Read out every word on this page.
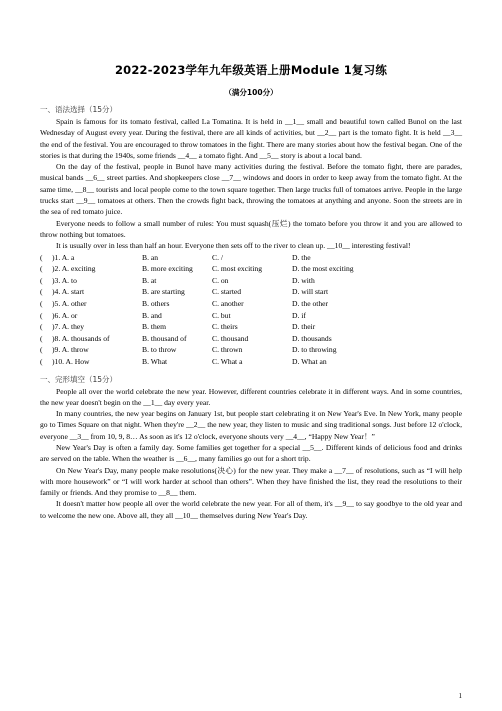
2022-2023学年九年级英语上册Module 1复习练
（满分100分）
一、语法选择（15分）

Spain is famous for its tomato festival, called La Tomatina. It is held in __1__ small and beautiful town called Bunol on the last Wednesday of August every year. During the festival, there are all kinds of activities, but __2__ part is the tomato fight. It is held __3__ the end of the festival. You are encouraged to throw tomatoes in the fight. There are many stories about how the festival began. One of the stories is that during the 1940s, some friends __4__ a tomato fight. And __5__ story is about a local band.

On the day of the festival, people in Bunol have many activities during the festival. Before the tomato fight, there are parades, musical bands __6__ street parties. And shopkeepers close __7__ windows and doors in order to keep away from the tomato fight. At the same time, __8__ tourists and local people come to the town square together. Then large trucks full of tomatoes arrive. People in the large trucks start __9__ tomatoes at others. Then the crowds fight back, throwing the tomatoes at anything and anyone. Soon the streets are in the sea of red tomato juice.

Everyone needs to follow a small number of rules: You must squash(压烂) the tomato before you throw it and you are allowed to throw nothing but tomatoes.

It is usually over in less than half an hour. Everyone then sets off to the river to clean up. __10__ interesting festival!

(	)1. A. a	B. an	C. /	D. the
(	)2. A. exciting	B. more exciting	C. most exciting	D. the most exciting
(	)3. A. to	B. at	C. on	D. with
(	)4. A. start	B. are starting	C. started	D. will start
(	)5. A. other	B. others	C. another	D. the other
(	)6. A. or	B. and	C. but	D. if
(	)7. A. they	B. them	C. theirs	D. their
(	)8. A. thousands of	B. thousand of	C. thousand	D. thousands
(	)9. A. throw	B. to throw	C. thrown	D. to throwing
(	)10. A. How	B. What	C. What a	D. What an
一、完形填空（15分）

People all over the world celebrate the new year. However, different countries celebrate it in different ways. And in some countries, the new year doesn't begin on the __1__ day every year.

In many countries, the new year begins on January 1st, but people start celebrating it on New Year's Eve. In New York, many people go to Times Square on that night. When they're __2__ the new year, they listen to music and sing traditional songs. Just before 12 o'clock, everyone __3__ from 10, 9, 8… As soon as it's 12 o'clock, everyone shouts very __4__, “Happy New Year！”

New Year's Day is often a family day. Some families get together for a special __5__. Different kinds of delicious food and drinks are served on the table. When the weather is __6__, many families go out for a short trip.

On New Year's Day, many people make resolutions(决心) for the new year. They make a __7__ of resolutions, such as “I will help with more housework” or “I will work harder at school than others”. When they have finished the list, they read the resolutions to their family or friends. And they promise to __8__ them.

It doesn't matter how people all over the world celebrate the new year. For all of them, it's __9__ to say goodbye to the old year and to welcome the new one. Above all, they all __10__ themselves during New Year's Day.

1
